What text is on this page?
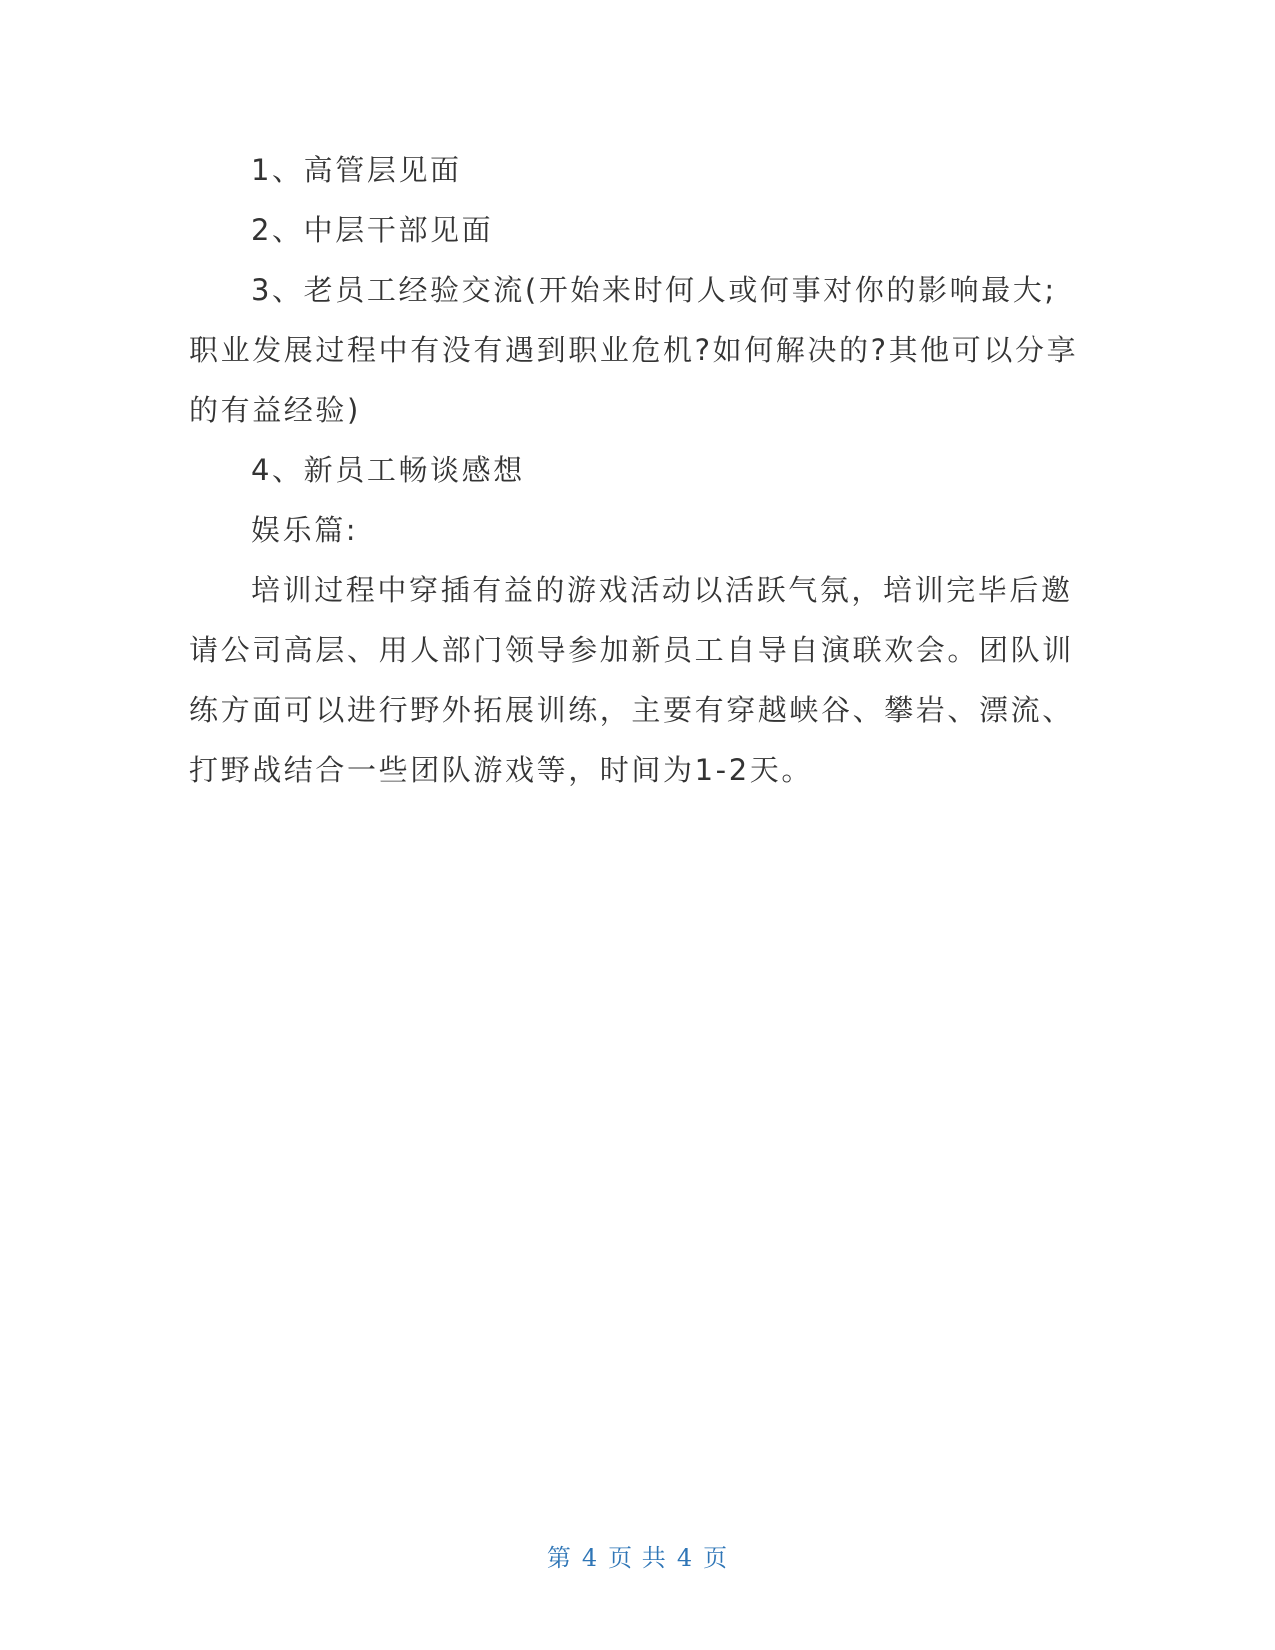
1、高管层见面

2、中层干部见面

3、老员工经验交流(开始来时何人或何事对你的影响最大;职业发展过程中有没有遇到职业危机?如何解决的?其他可以分享的有益经验)

4、新员工畅谈感想

娱乐篇:

培训过程中穿插有益的游戏活动以活跃气氛，培训完毕后邀请公司高层、用人部门领导参加新员工自导自演联欢会。团队训练方面可以进行野外拓展训练，主要有穿越峡谷、攀岩、漂流、打野战结合一些团队游戏等，时间为1-2天。

第 4 页 共 4 页
